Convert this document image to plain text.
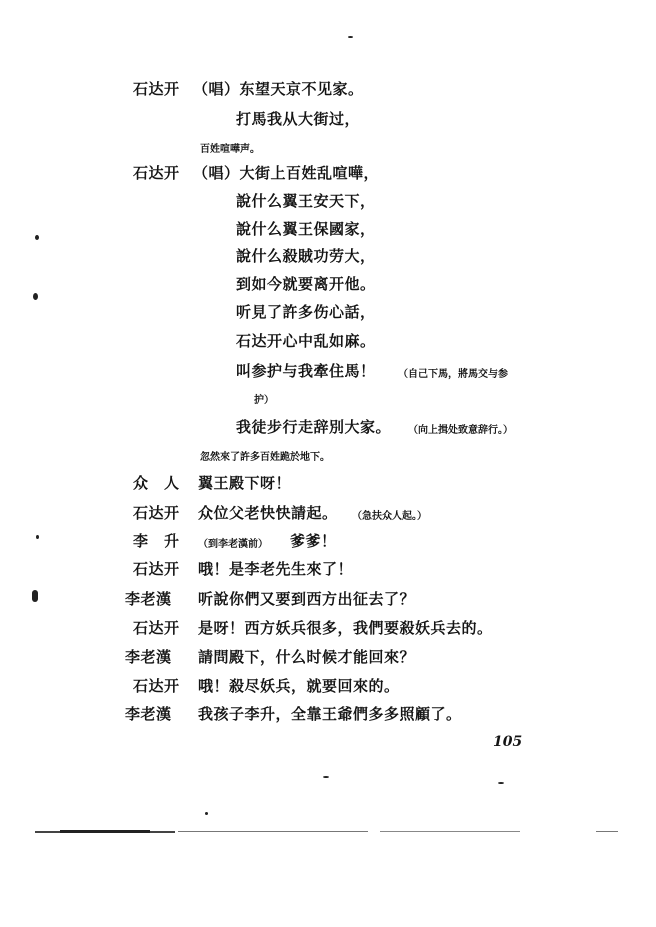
石达开
石达开
众　人
石达开
李　升
石达开
李老漢
石达开
李老漢
石达开
李老漢
（唱）东望天京不见家。
打馬我从大街过，
百姓喧嘩声。
（唱）大街上百姓乱喧嘩，
說什么翼王安天下，
說什么翼王保國家，
說什么殺賊功劳大，
到如今就要离开他。
听見了許多伤心話，
石达开心中乱如麻。
叫参护与我牽住馬！ （自己下馬，將馬交与参
护）
我徒步行走辞別大家。 （向上揖处致意辞行。）
忽然來了許多百姓跪於地下。
翼王殿下呀！
众位父老快快請起。 （急扶众人起。）
（到李老漢前） 爹爹！
哦！是李老先生來了！
听說你們又要到西方出征去了？
是呀！西方妖兵很多，我們要殺妖兵去的。
請問殿下，什么时候才能回來？
哦！殺尽妖兵，就要回來的。
我孩子李升，全靠王爺們多多照顧了。
105
